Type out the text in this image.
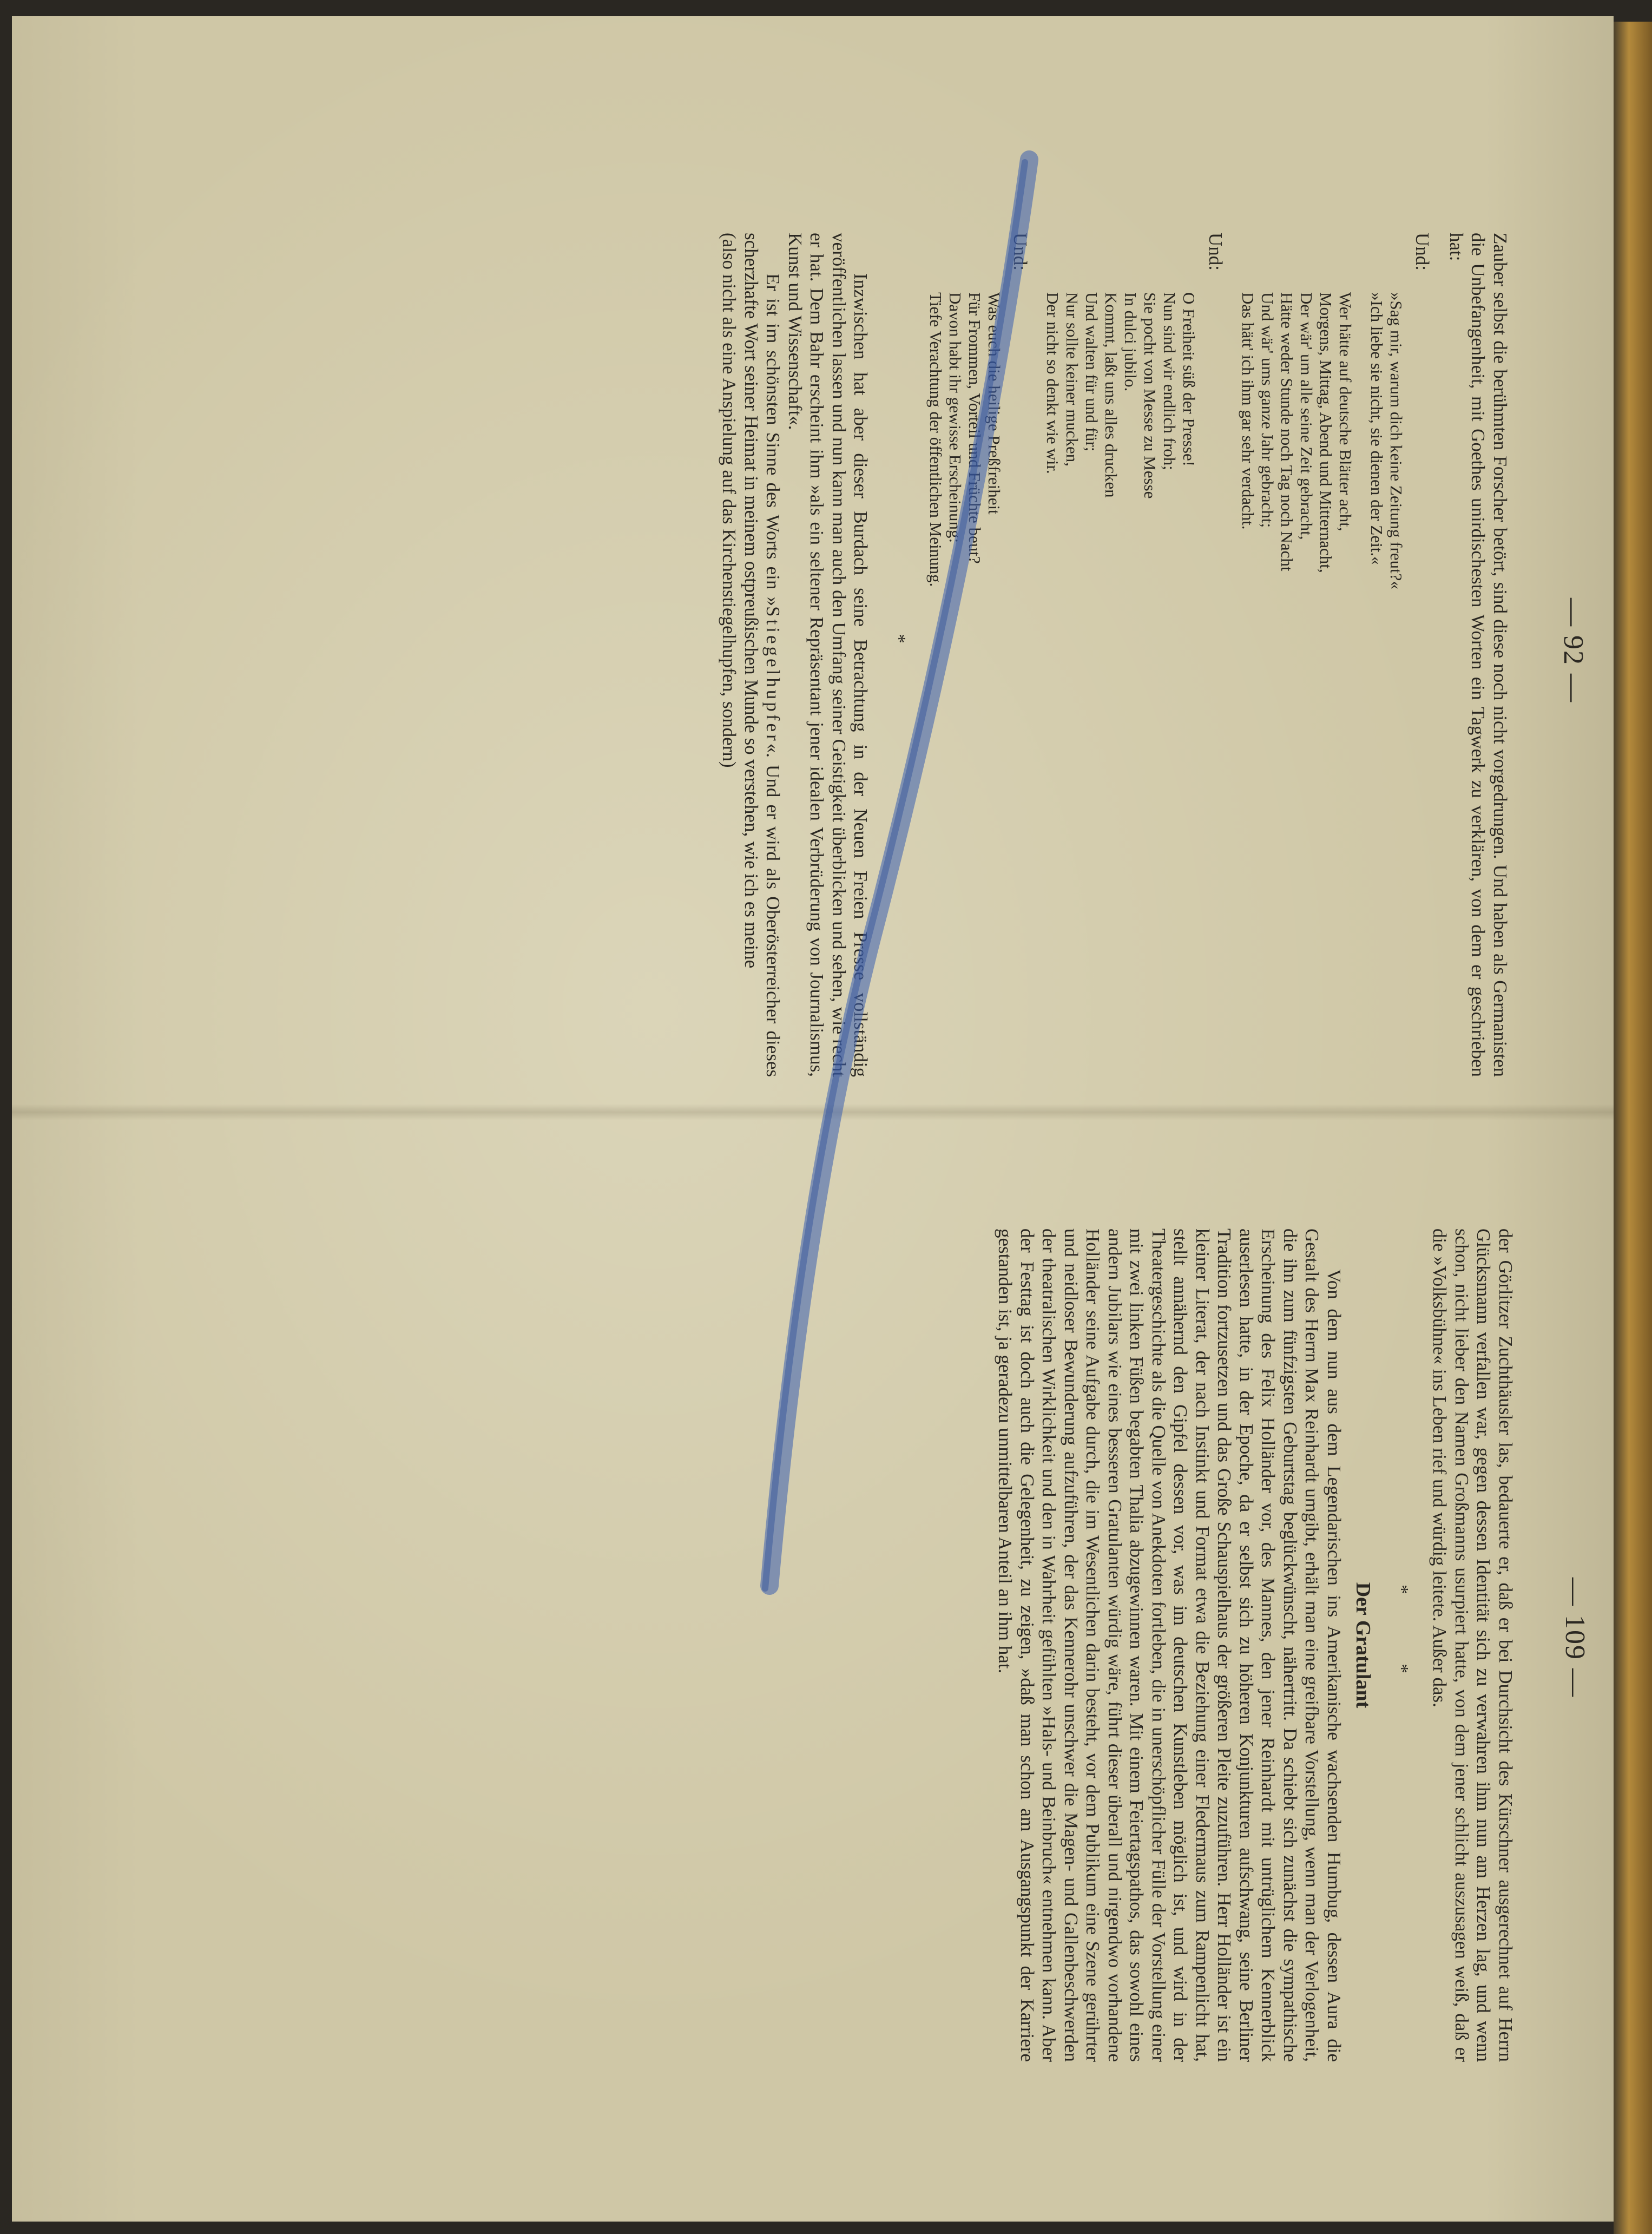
— 92 —
— 109 —

Zauber selbst die berühmten Forscher betört, sind diese noch nicht vorgedrungen. Und haben als Germanisten die Unbefangenheit, mit Goethes unirdischesten Worten ein Tagwerk zu verklären, von dem er geschrieben hat:

Und:
»Sag mir, warum dich keine Zeitung freut?«
»Ich liebe sie nicht, sie dienen der Zeit.«
Wer hätte auf deutsche Blätter acht,
Morgens, Mittag, Abend und Mitternacht,
Der wär' um alle seine Zeit gebracht,
Hätte weder Stunde noch Tag noch Nacht
Und wär' ums ganze Jahr gebracht;
Das hätt' ich ihm gar sehr verdacht.
Und:
O Freiheit süß der Presse!
Nun sind wir endlich froh;
Sie pocht von Messe zu Messe
In dulci jubilo.
Kommt, laßt uns alles drucken
Und walten für und für;
Nur sollte keiner mucken,
Der nicht so denkt wie wir.
Und:
Was euch die heilige Preßfreiheit
Für Frommen, Vorteil und Früchte beut?
Davon habt ihr gewisse Erscheinung:
Tiefe Verachtung der öffentlichen Meinung.
*

Inzwischen hat aber dieser Burdach seine Betrachtung in der Neuen Freien Presse vollständig veröffentlichen lassen und nun kann man auch den Umfang seiner Geistigkeit überblicken und sehen, wie recht er hat. Dem Bahr erscheint ihm »als ein seltener Repräsentant jener idealen Verbrüderung von Journalismus, Kunst und Wissenschaft«.

Er ist im schönsten Sinne des Worts ein »Stiegelhupfer«. Und er wird als Oberösterreicher dieses scherzhafte Wort seiner Heimat in meinem ostpreußischen Munde so verstehen, wie ich es meine

(also nicht als eine Anspielung auf das Kirchenstiegelhupfen, sondern)

der Görlitzer Zuchthäusler las, bedauerte er, daß er bei Durchsicht des Kürschner ausgerechnet auf Herrn Glücksmann verfallen war, gegen dessen Identität sich zu verwahren ihm nun am Herzen lag, und wenn schon, nicht lieber den Namen Großmanns usurpiert hatte, von dem jener schlicht auszusagen weiß, daß er die »Volksbühne« ins Leben rief und würdig leitete. Außer das.

* *
Der Gratulant

Von dem nun aus dem Legendarischen ins Amerikanische wachsenden Humbug, dessen Aura die Gestalt des Herrn Max Reinhardt umgibt, erhält man eine greifbare Vorstellung, wenn man der Verlogenheit, die ihn zum fünfzigsten Geburtstag beglückwünscht, nähertritt. Da schiebt sich zunächst die sympathische Erscheinung des Felix Holländer vor, des Mannes, den jener Reinhardt mit untrüglichem Kennerblick auserlesen hatte, in der Epoche, da er selbst sich zu höheren Konjunkturen aufschwang, seine Berliner Tradition fortzusetzen und das Große Schauspielhaus der größeren Pleite zuzuführen. Herr Holländer ist ein kleiner Literat, der nach Instinkt und Format etwa die Beziehung einer Fledermaus zum Rampenlicht hat, stellt annähernd den Gipfel dessen vor, was im deutschen Kunstleben möglich ist, und wird in der Theatergeschichte als die Quelle von Anekdoten fortleben, die in unerschöpflicher Fülle der Vorstellung einer mit zwei linken Füßen begabten Thalia abzugewinnen waren. Mit einem Feiertagspathos, das sowohl eines andern Jubilars wie eines besseren Gratulanten würdig wäre, führt dieser überall und nirgendwo vorhandene Holländer seine Aufgabe durch, die im Wesentlichen darin besteht, vor dem Publikum eine Szene gerührter und neidloser Bewunderung aufzuführen, der das Kennerohr unschwer die Magen- und Gallenbeschwerden der theatralischen Wirklichkeit und den in Wahrheit gefühlten »Hals- und Beinbruch« entnehmen kann. Aber der Festtag ist doch auch die Gelegenheit, zu zeigen, »daß man schon am Ausgangspunkt der Karriere gestanden ist, ja geradezu unmittelbaren Anteil an ihm hat.
